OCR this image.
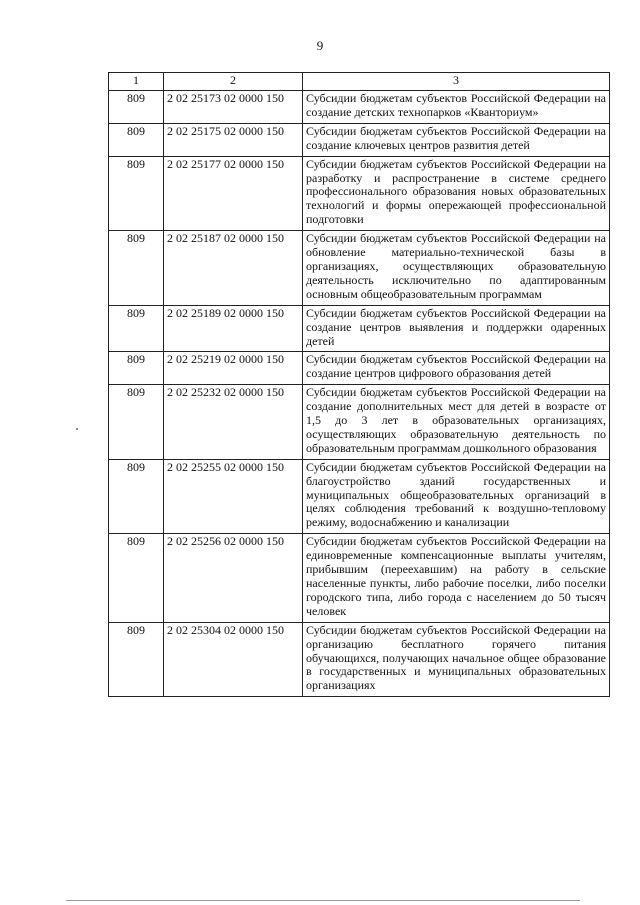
9
1	2	3
809	2 02 25173 02 0000 150	Субсидии бюджетам субъектов Российской Федерации на создание детских технопарков «Кванториум»
809	2 02 25175 02 0000 150	Субсидии бюджетам субъектов Российской Федерации на создание ключевых центров развития детей
809	2 02 25177 02 0000 150	Субсидии бюджетам субъектов Российской Федерации на разработку и распространение в системе среднего профессионального образования новых образовательных технологий и формы опережающей профессиональной подготовки
809	2 02 25187 02 0000 150	Субсидии бюджетам субъектов Российской Федерации на обновление материально-технической базы в организациях, осуществляющих образовательную деятельность исключительно по адаптированным основным общеобразовательным программам
809	2 02 25189 02 0000 150	Субсидии бюджетам субъектов Российской Федерации на создание центров выявления и поддержки одаренных детей
809	2 02 25219 02 0000 150	Субсидии бюджетам субъектов Российской Федерации на создание центров цифрового образования детей
809	2 02 25232 02 0000 150	Субсидии бюджетам субъектов Российской Федерации на создание дополнительных мест для детей в возрасте от 1,5 до 3 лет в образовательных организациях, осуществляющих образовательную деятельность по образовательным программам дошкольного образования
809	2 02 25255 02 0000 150	Субсидии бюджетам субъектов Российской Федерации на благоустройство зданий государственных и муниципальных общеобразовательных организаций в целях соблюдения требований к воздушно-тепловому режиму, водоснабжению и канализации
809	2 02 25256 02 0000 150	Субсидии бюджетам субъектов Российской Федерации на единовременные компенсационные выплаты учителям, прибывшим (переехавшим) на работу в сельские населенные пункты, либо рабочие поселки, либо поселки городского типа, либо города с населением до 50 тысяч человек
809	2 02 25304 02 0000 150	Субсидии бюджетам субъектов Российской Федерации на организацию бесплатного горячего питания обучающихся, получающих начальное общее образование в государственных и муниципальных образовательных организациях
